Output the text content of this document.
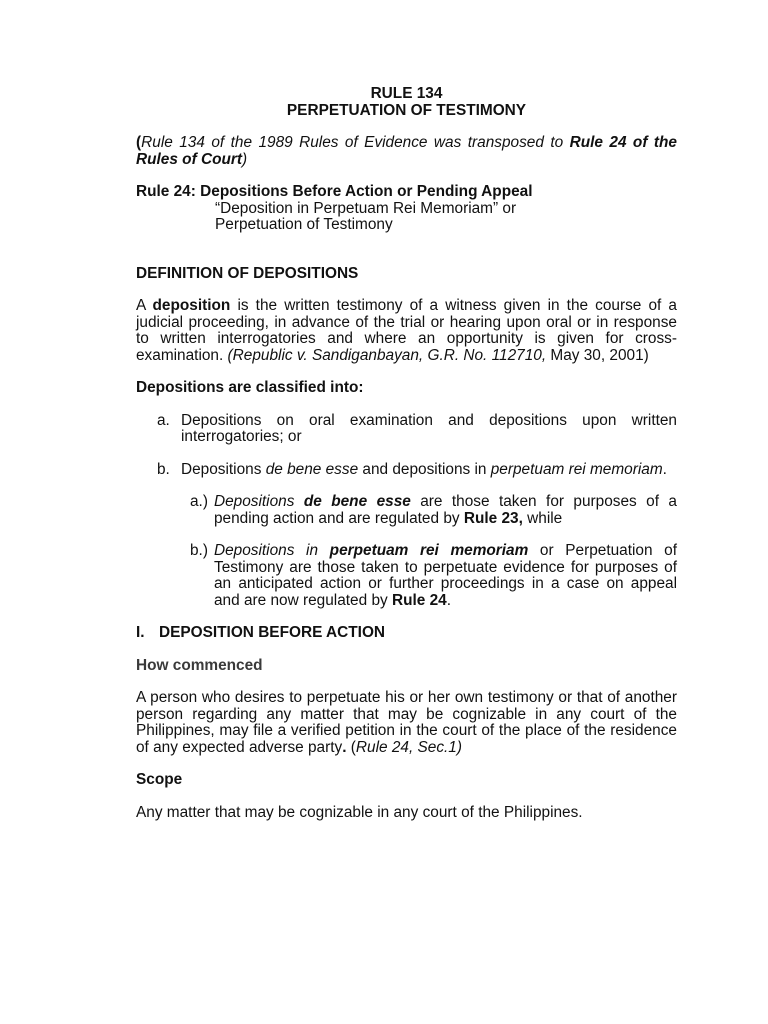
RULE 134
PERPETUATION OF TESTIMONY

(Rule 134 of the 1989 Rules of Evidence was transposed to Rule 24 of the Rules of Court)

Rule 24: Depositions Before Action or Pending Appeal
“Deposition in Perpetuam Rei Memoriam” or
Perpetuation of Testimony
DEFINITION OF DEPOSITIONS

A deposition is the written testimony of a witness given in the course of a judicial proceeding, in advance of the trial or hearing upon oral or in response to written interrogatories and where an opportunity is given for cross-examination. (Republic v. Sandiganbayan, G.R. No. 112710, May 30, 2001)

Depositions are classified into:
a. Depositions on oral examination and depositions upon written interrogatories; or
b. Depositions de bene esse and depositions in perpetuam rei memoriam.
a.) Depositions de bene esse are those taken for purposes of a pending action and are regulated by Rule 23, while
b.) Depositions in perpetuam rei memoriam or Perpetuation of Testimony are those taken to perpetuate evidence for purposes of an anticipated action or further proceedings in a case on appeal and are now regulated by Rule 24.
I. DEPOSITION BEFORE ACTION
How commenced

A person who desires to perpetuate his or her own testimony or that of another person regarding any matter that may be cognizable in any court of the Philippines, may file a verified petition in the court of the place of the residence of any expected adverse party. (Rule 24, Sec.1)

Scope

Any matter that may be cognizable in any court of the Philippines.
